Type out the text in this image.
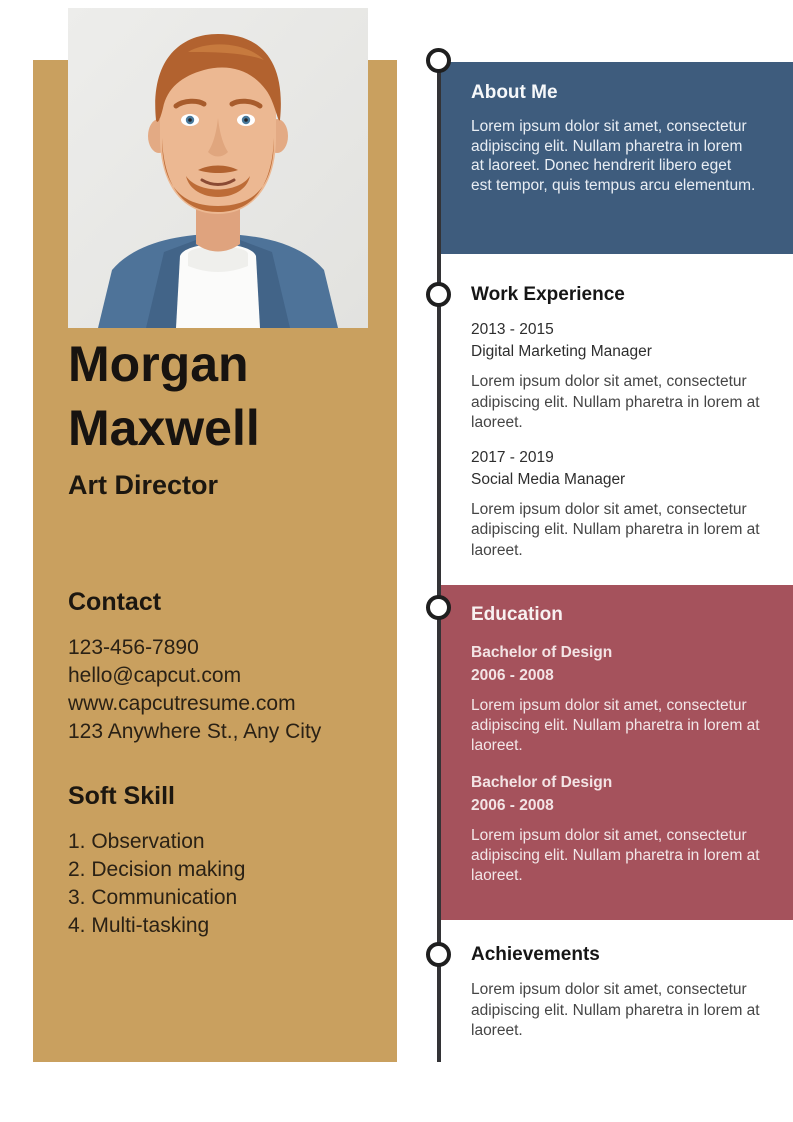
Morgan
Maxwell
Art Director
Contact
123-456-7890
hello@capcut.com
www.capcutresume.com
123 Anywhere St., Any City
Soft Skill
1. Observation
2. Decision making
3. Communication
4. Multi-tasking
About Me
Lorem ipsum dolor sit amet, consectetur adipiscing elit. Nullam pharetra in lorem at laoreet. Donec hendrerit libero eget est tempor, quis tempus arcu elementum.
Work Experience
2013 - 2015
Digital Marketing Manager
Lorem ipsum dolor sit amet, consectetur adipiscing elit. Nullam pharetra in lorem at laoreet.
2017 - 2019
Social Media Manager
Lorem ipsum dolor sit amet, consectetur adipiscing elit. Nullam pharetra in lorem at laoreet.
Education
Bachelor of Design
2006 - 2008
Lorem ipsum dolor sit amet, consectetur adipiscing elit. Nullam pharetra in lorem at laoreet.
Bachelor of Design
2006 - 2008
Lorem ipsum dolor sit amet, consectetur adipiscing elit. Nullam pharetra in lorem at laoreet.
Achievements
Lorem ipsum dolor sit amet, consectetur adipiscing elit. Nullam pharetra in lorem at laoreet.
